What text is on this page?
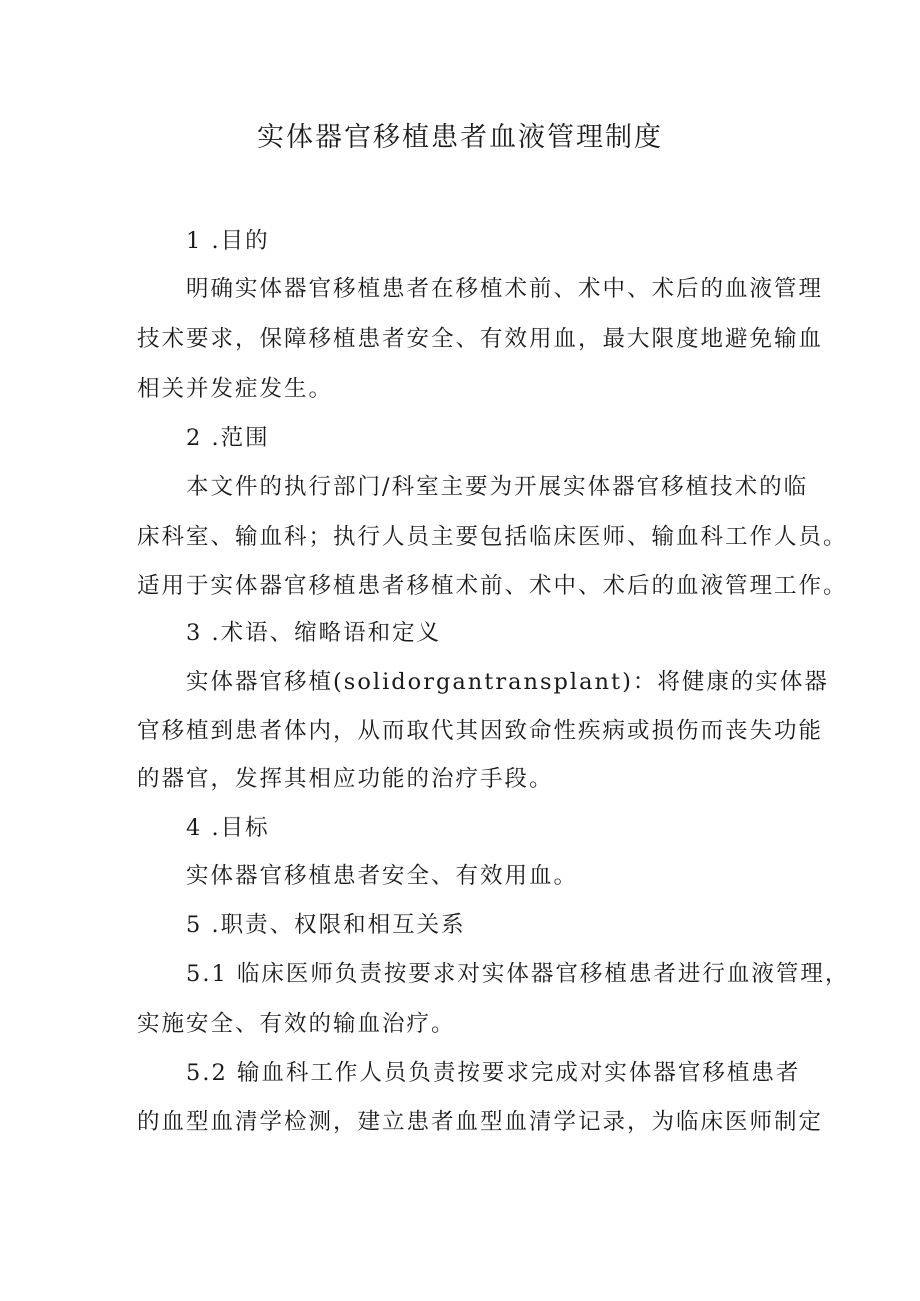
实体器官移植患者血液管理制度
1 .目的
明确实体器官移植患者在移植术前、术中、术后的血液管理
技术要求，保障移植患者安全、有效用血，最大限度地避免输血
相关并发症发生。
2 .范围
本文件的执行部门/科室主要为开展实体器官移植技术的临
床科室、输血科；执行人员主要包括临床医师、输血科工作人员。
适用于实体器官移植患者移植术前、术中、术后的血液管理工作。
3 .术语、缩略语和定义
实体器官移植(solidorgantransplant)：将健康的实体器
官移植到患者体内，从而取代其因致命性疾病或损伤而丧失功能
的器官，发挥其相应功能的治疗手段。
4 .目标
实体器官移植患者安全、有效用血。
5 .职责、权限和相互关系
5.1 临床医师负责按要求对实体器官移植患者进行血液管理，
实施安全、有效的输血治疗。
5.2 输血科工作人员负责按要求完成对实体器官移植患者
的血型血清学检测，建立患者血型血清学记录，为临床医师制定
